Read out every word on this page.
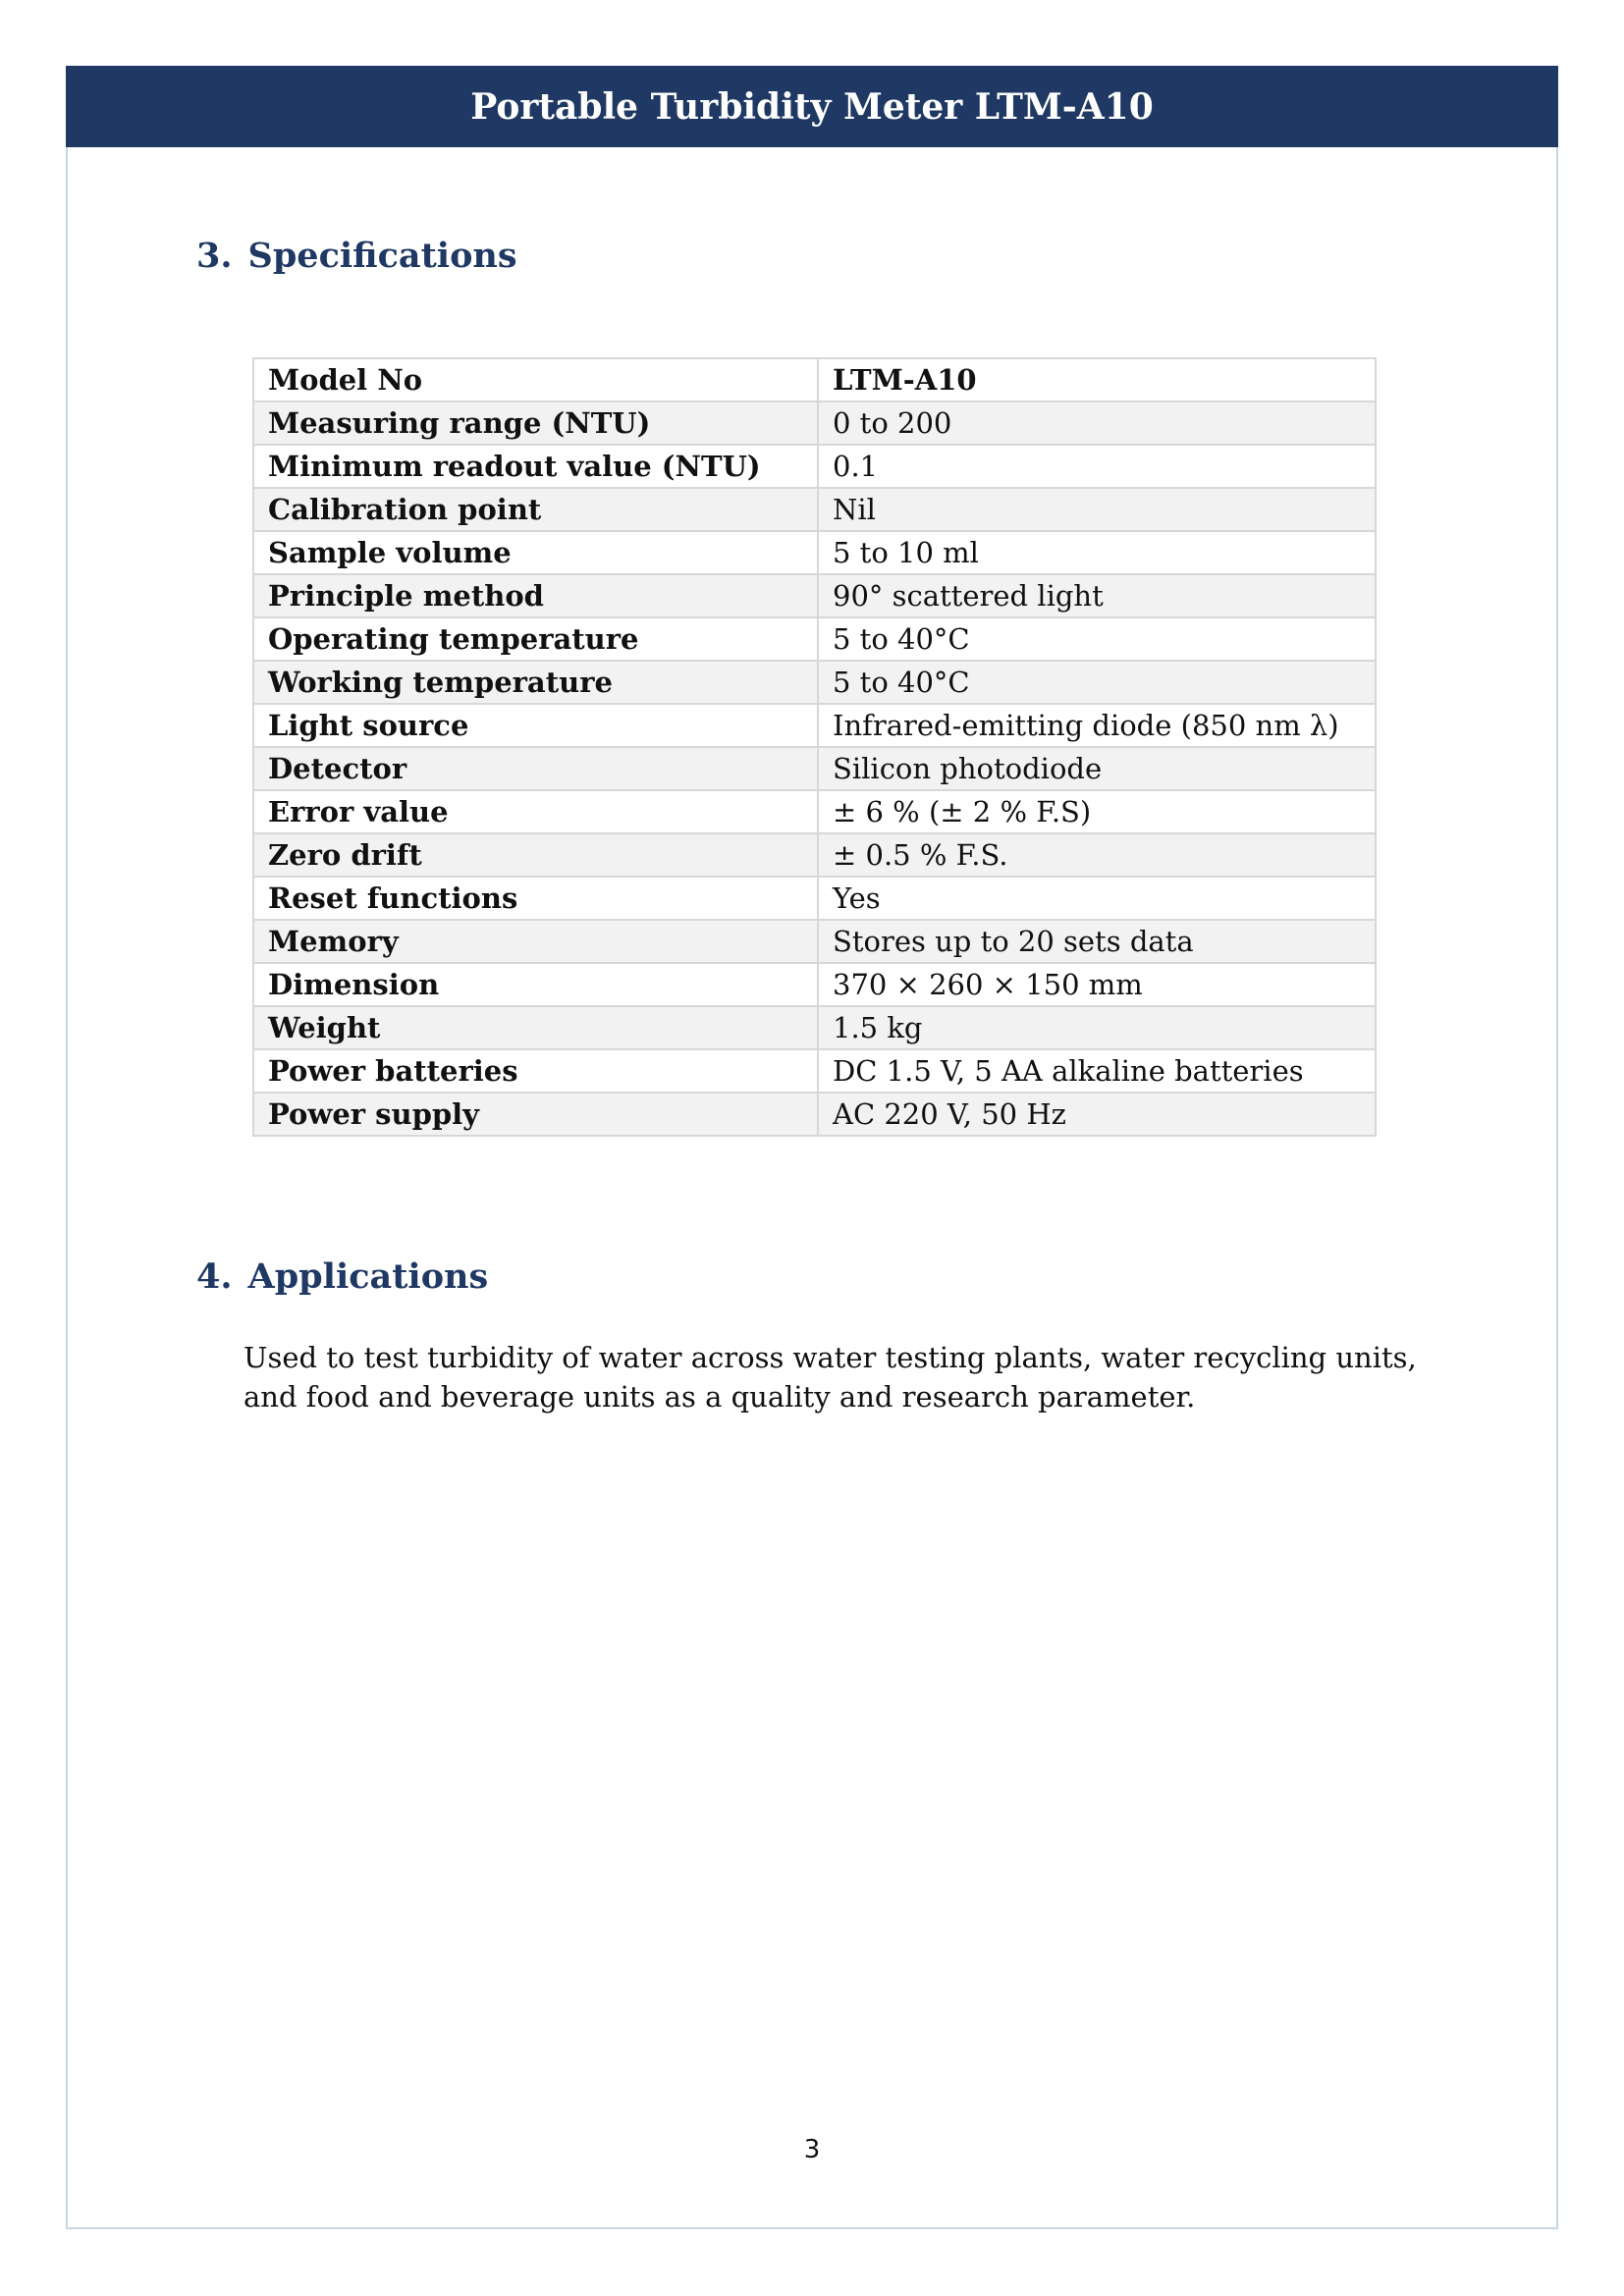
Portable Turbidity Meter LTM-A10
3. Specifications
Model No	LTM-A10
Measuring range (NTU)	0 to 200
Minimum readout value (NTU)	0.1
Calibration point	Nil
Sample volume	5 to 10 ml
Principle method	90° scattered light
Operating temperature	5 to 40°C
Working temperature	5 to 40°C
Light source	Infrared-emitting diode (850 nm λ)
Detector	Silicon photodiode
Error value	± 6 % (± 2 % F.S)
Zero drift	± 0.5 % F.S.
Reset functions	Yes
Memory	Stores up to 20 sets data
Dimension	370 × 260 × 150 mm
Weight	1.5 kg
Power batteries	DC 1.5 V, 5 AA alkaline batteries
Power supply	AC 220 V, 50 Hz
4. Applications

Used to test turbidity of water across water testing plants, water recycling units, and food and beverage units as a quality and research parameter.

3
